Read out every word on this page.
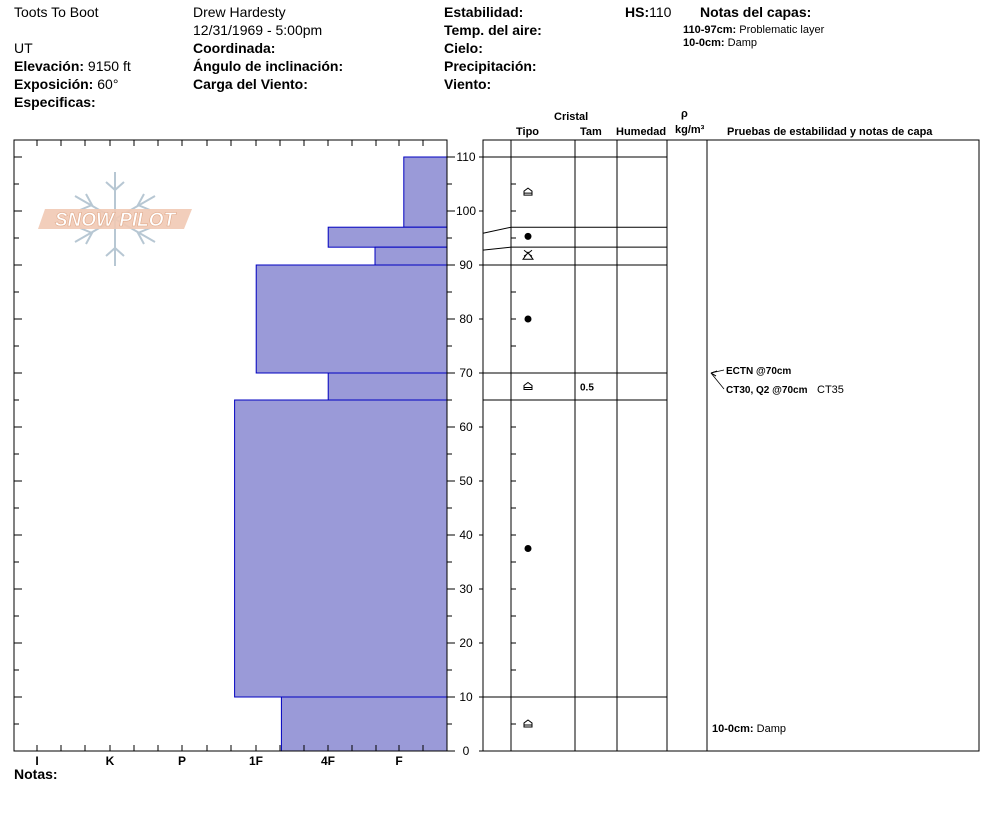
Toots To Boot
UT
Elevación: 9150 ft
Exposición: 60°
Especificas:
Drew Hardesty
12/31/1969 - 5:00pm
Coordinada:
Ángulo de inclinación:
Carga del Viento:
Estabilidad:
Temp. del aire:
Cielo:
Precipitación:
Viento:
HS:110 Notas del capas:
110-97cm: Problematic layer
10-0cm: Damp
Cristal
Tipo	Tam Humedad
ρ
kg/m³ Pruebas de estabilidad y notas de capa
SNOW PILOT
I	K	P	1F	4F	F
0
10
20
30
40
50
60
70
80
90
100
110
0.5
ECTN @70cm
CT30, Q2 @70cm CT35
10-0cm: Damp
Notas:
